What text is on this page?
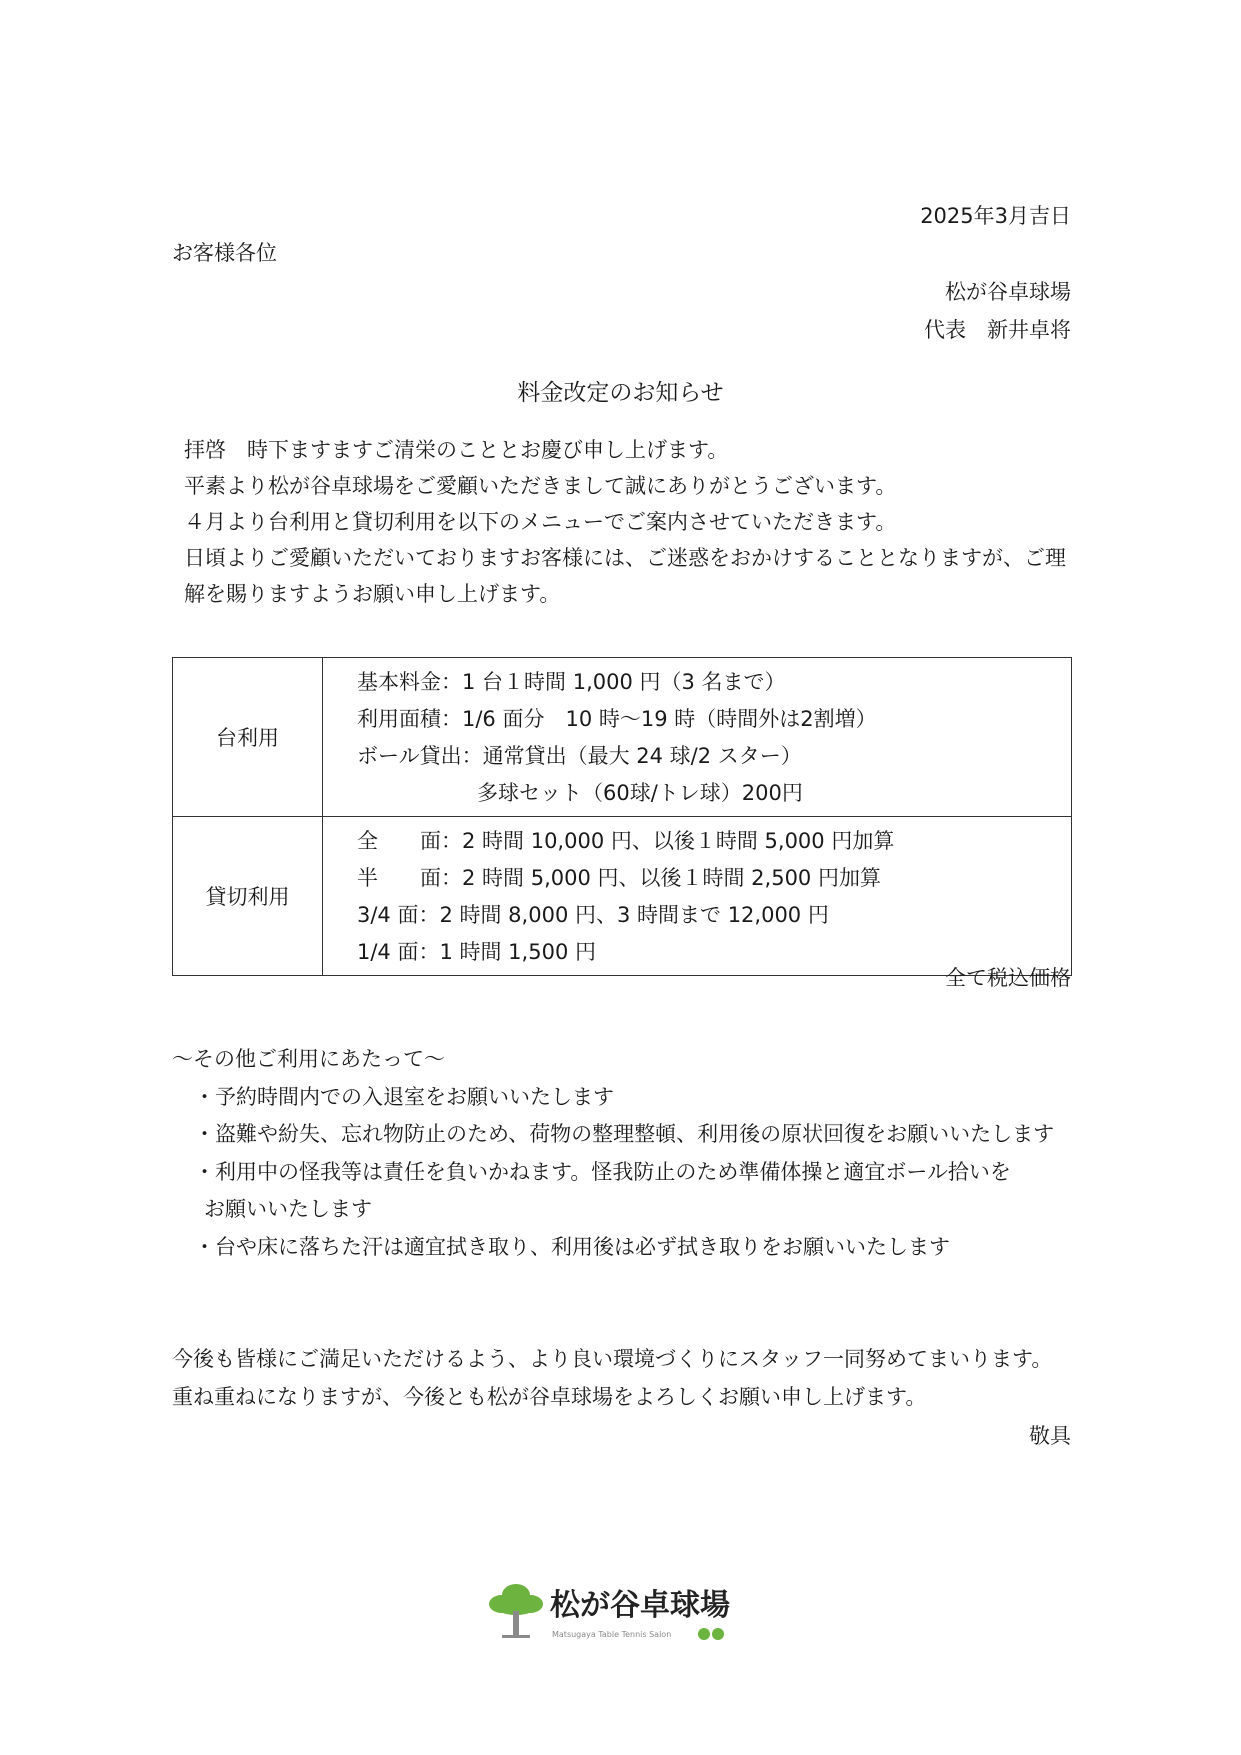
2025年3月吉日
お客様各位
松が谷卓球場
代表　新井卓将
料金改定のお知らせ

拝啓　時下ますますご清栄のこととお慶び申し上げます。

平素より松が谷卓球場をご愛顧いただきまして誠にありがとうございます。

４月より台利用と貸切利用を以下のメニューでご案内させていただきます。

日頃よりご愛顧いただいておりますお客様には、ご迷惑をおかけすることとなりますが、ご理解を賜りますようお願い申し上げます。

台利用	基本料金：1 台１時間 1,000 円（3 名まで）
利用面積：1/6 面分　10 時～19 時（時間外は2割増）
ボール貸出：通常貸出（最大 24 球/2 スター）
多球セット（60球/トレ球）200円

貸切利用	全　　面：2 時間 10,000 円、以後１時間 5,000 円加算
半　　面：2 時間 5,000 円、以後１時間 2,500 円加算
3/4 面：2 時間 8,000 円、3 時間まで 12,000 円
1/4 面：1 時間 1,500 円
全て税込価格
～その他ご利用にあたって～
・予約時間内での入退室をお願いいたします
・盗難や紛失、忘れ物防止のため、荷物の整理整頓、利用後の原状回復をお願いいたします
・利用中の怪我等は責任を負いかねます。怪我防止のため準備体操と適宜ボール拾いを
お願いいたします
・台や床に落ちた汗は適宜拭き取り、利用後は必ず拭き取りをお願いいたします
今後も皆様にご満足いただけるよう、より良い環境づくりにスタッフ一同努めてまいります。
重ね重ねになりますが、今後とも松が谷卓球場をよろしくお願い申し上げます。
敬具
松が谷卓球場
Matsugaya Table Tennis Salon
